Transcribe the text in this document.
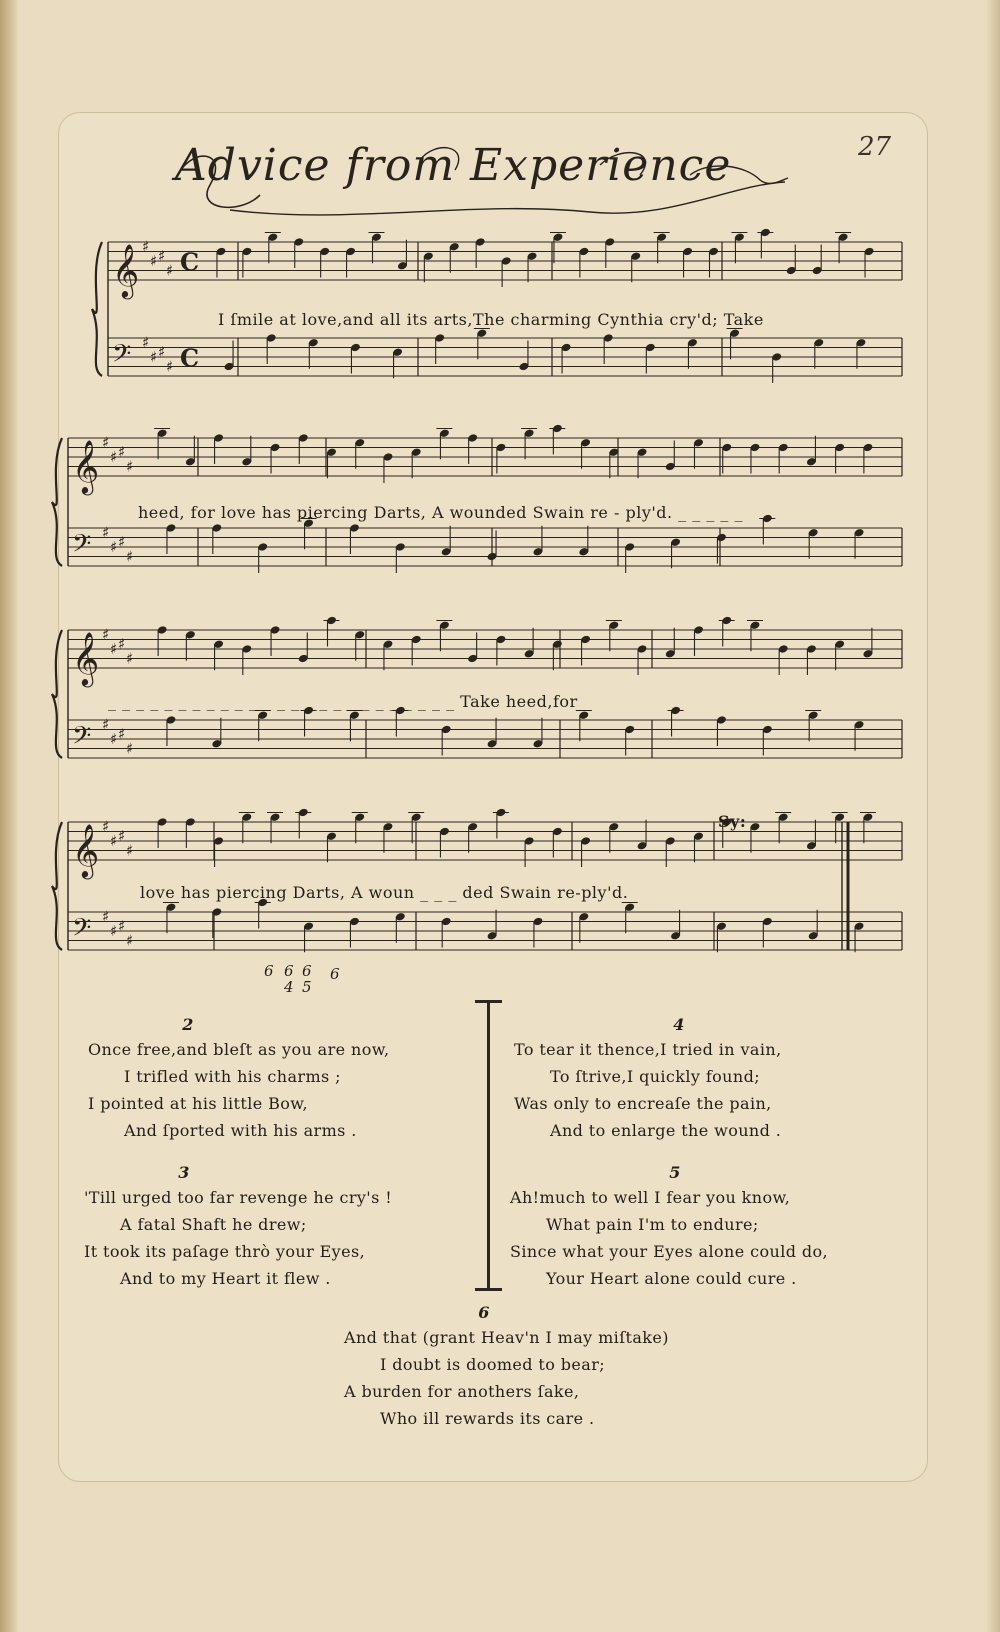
Advice from Experience	27
𝄞 ♯
♯ ♯
♯ C
𝄢 ♯
♯ ♯
♯ C
𝄞 ♯
♯ ♯
♯
𝄢 ♯
♯ ♯
♯
𝄞 ♯
♯ ♯
♯
𝄢 ♯
♯ ♯
♯
𝄞 ♯
♯ ♯
♯
𝄢 ♯
♯ ♯
♯
I ſmile at love,and all its arts,The charming Cynthia cry'd; Take
heed, for love has piercing Darts, A wounded Swain re - ply'd. _ _ _ _ _
_ _ _ _ _ _ _ _ _ _ _ _ _ _ _ _ _ _ _ _ _ _ _ _ _ Take heed,for
love has piercing Darts, A woun _ _ _ ded Swain re-ply'd.
Sy:
6 6 6 6
4 5
2
Once free,and bleſt as you are now,
I trifled with his charms ;
I pointed at his little Bow,
And ſported with his arms .
3
'Till urged too far revenge he cry's !
A fatal Shaft he drew;
It took its paſage thrò your Eyes,
And to my Heart it flew .
4
To tear it thence,I tried in vain,
To ſtrive,I quickly found;
Was only to encreaſe the pain,
And to enlarge the wound .
5
Ah!much to well I fear you know,
What pain I'm to endure;
Since what your Eyes alone could do,
Your Heart alone could cure .
6
And that (grant Heav'n I may miſtake)
I doubt is doomed to bear;
A burden for anothers ſake,
Who ill rewards its care .
